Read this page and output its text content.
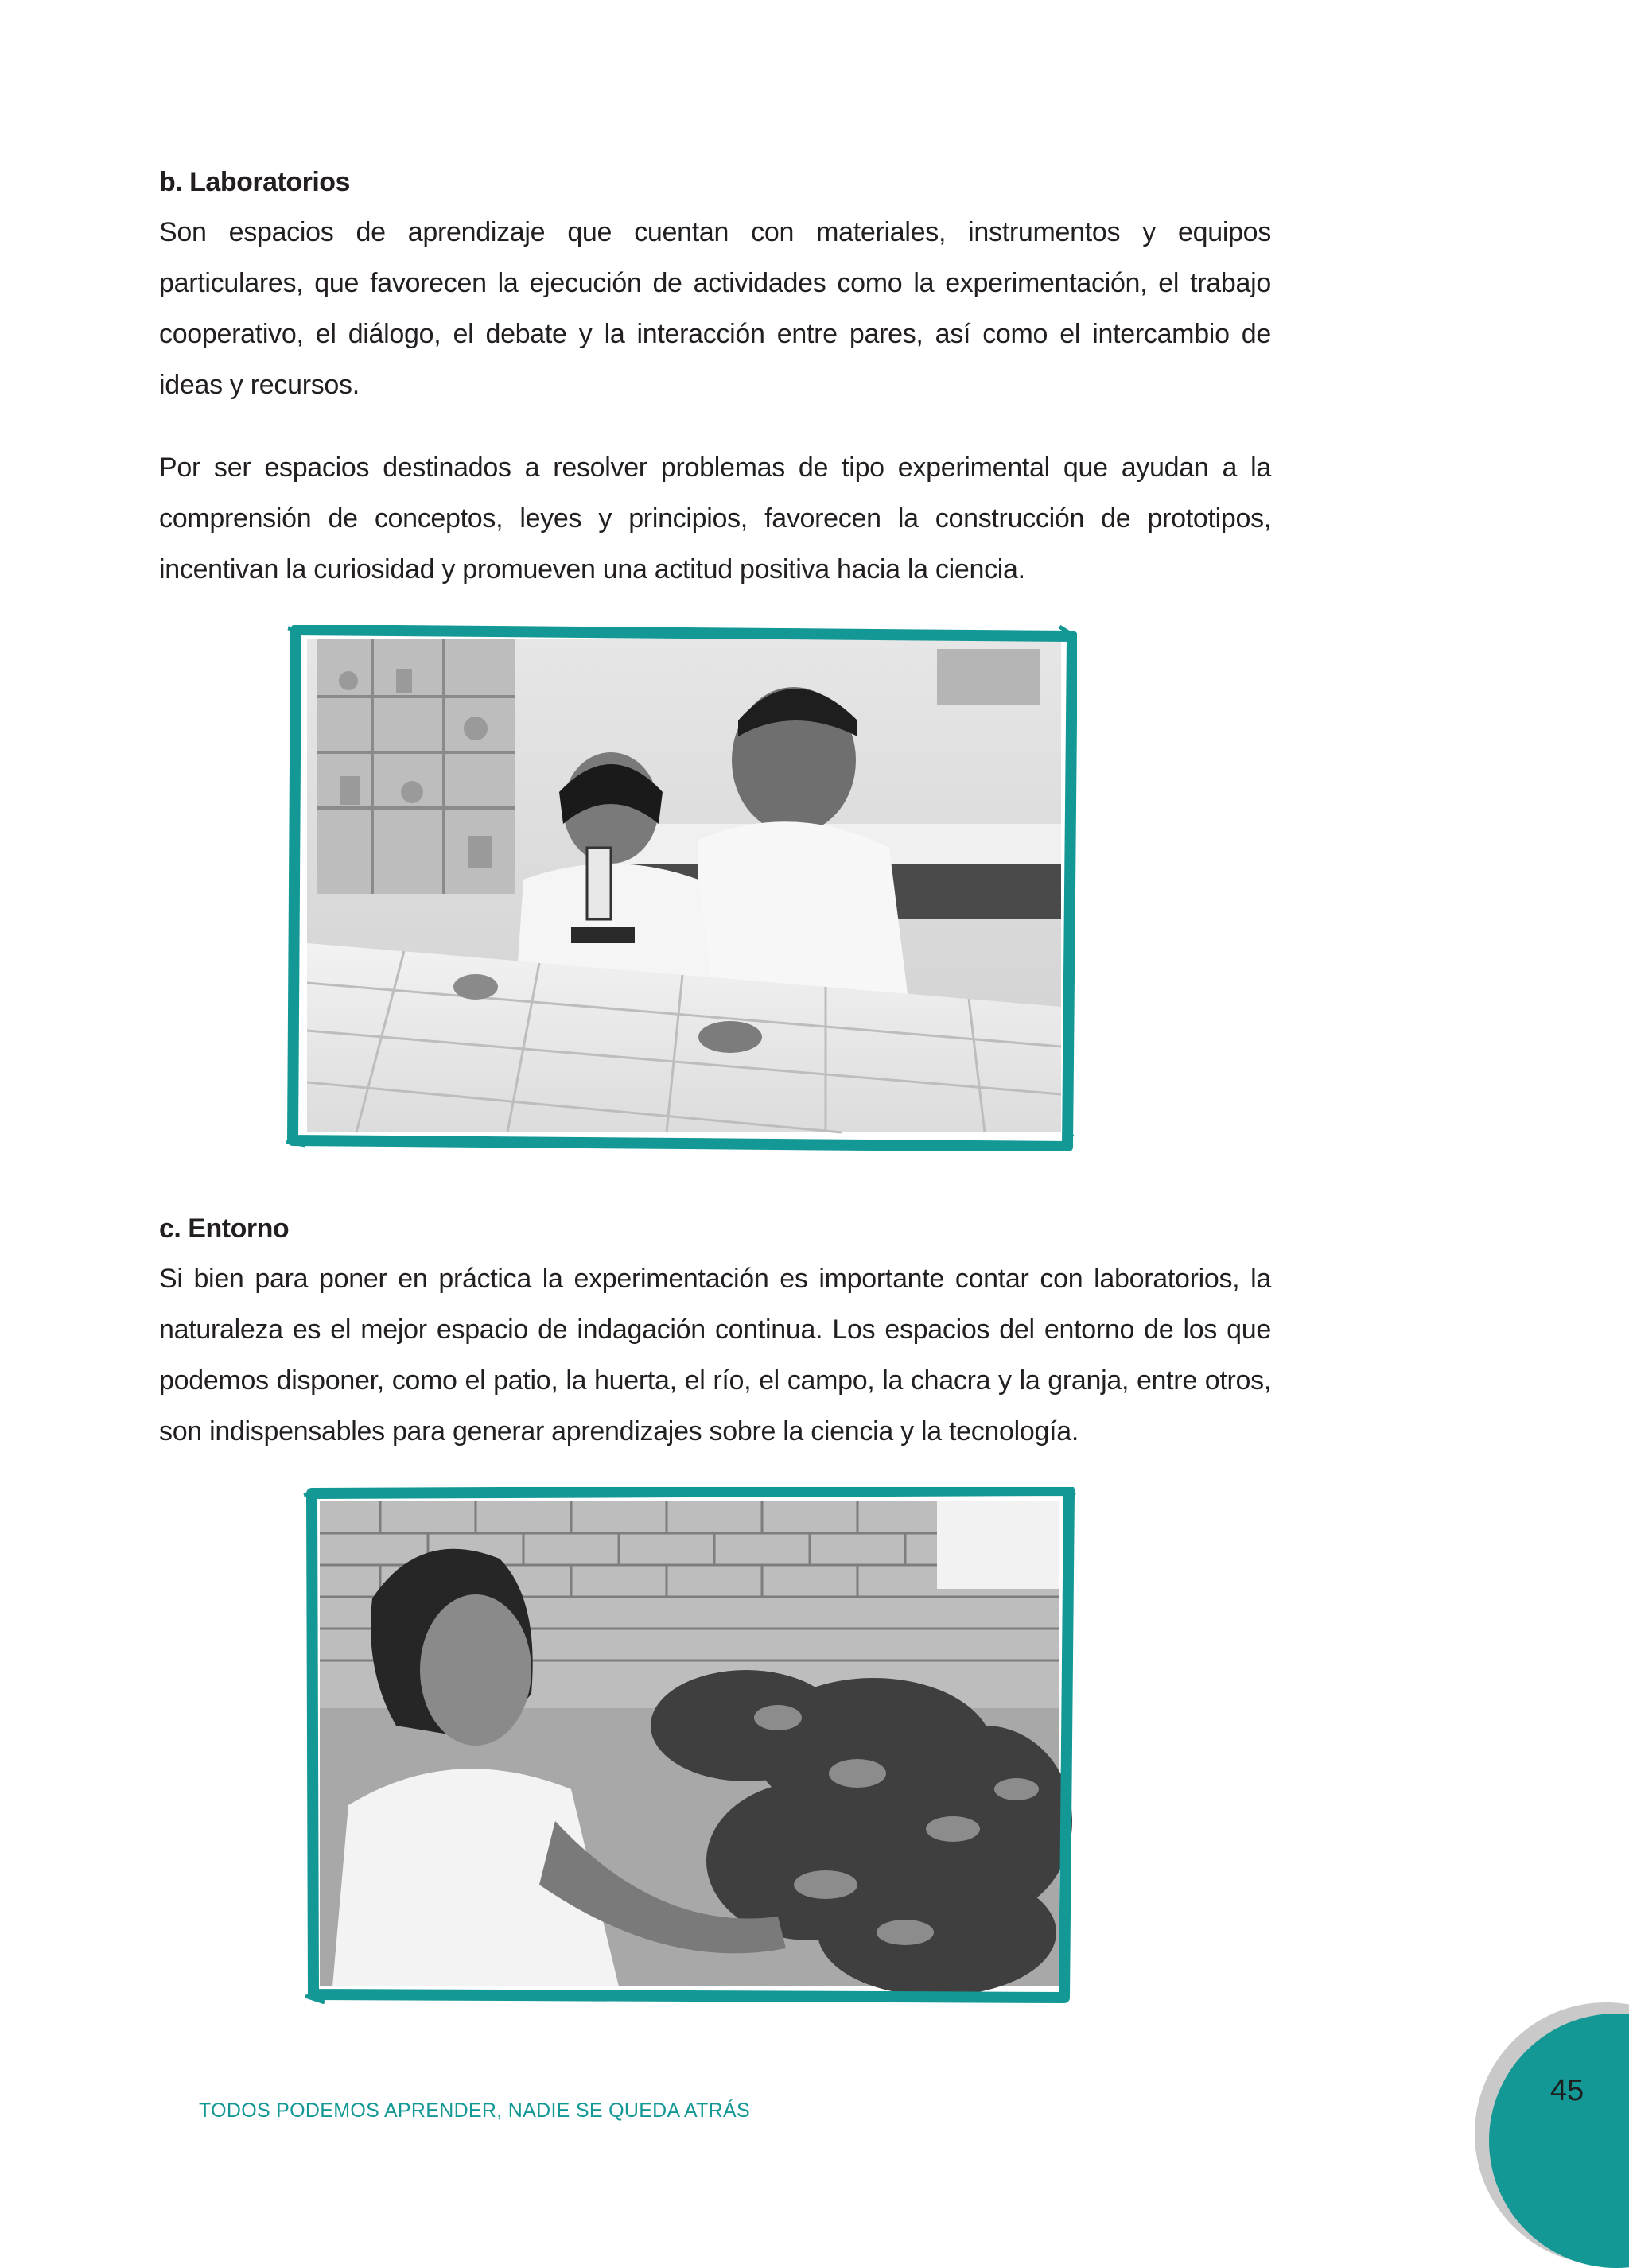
b. Laboratorios

Son espacios de aprendizaje que cuentan con materiales, instrumentos y equipos particulares, que favorecen la ejecución de actividades como la experimentación, el trabajo cooperativo, el diálogo, el debate y la interacción entre pares, así como el intercambio de ideas y recursos.

Por ser espacios destinados a resolver problemas de tipo experimental que ayudan a la comprensión de conceptos, leyes y principios, favorecen la construcción de prototipos, incentivan la curiosidad y promueven una actitud positiva hacia la ciencia.

c. Entorno

Si bien para poner en práctica la experimentación es importante contar con laboratorios, la naturaleza es el mejor espacio de indagación continua. Los espacios del entorno de los que podemos disponer, como el patio, la huerta, el río, el campo, la chacra y la granja, entre otros, son indispensables para generar aprendizajes sobre la ciencia y la tecnología.

TODOS PODEMOS APRENDER, NADIE SE QUEDA ATRÁS
45
